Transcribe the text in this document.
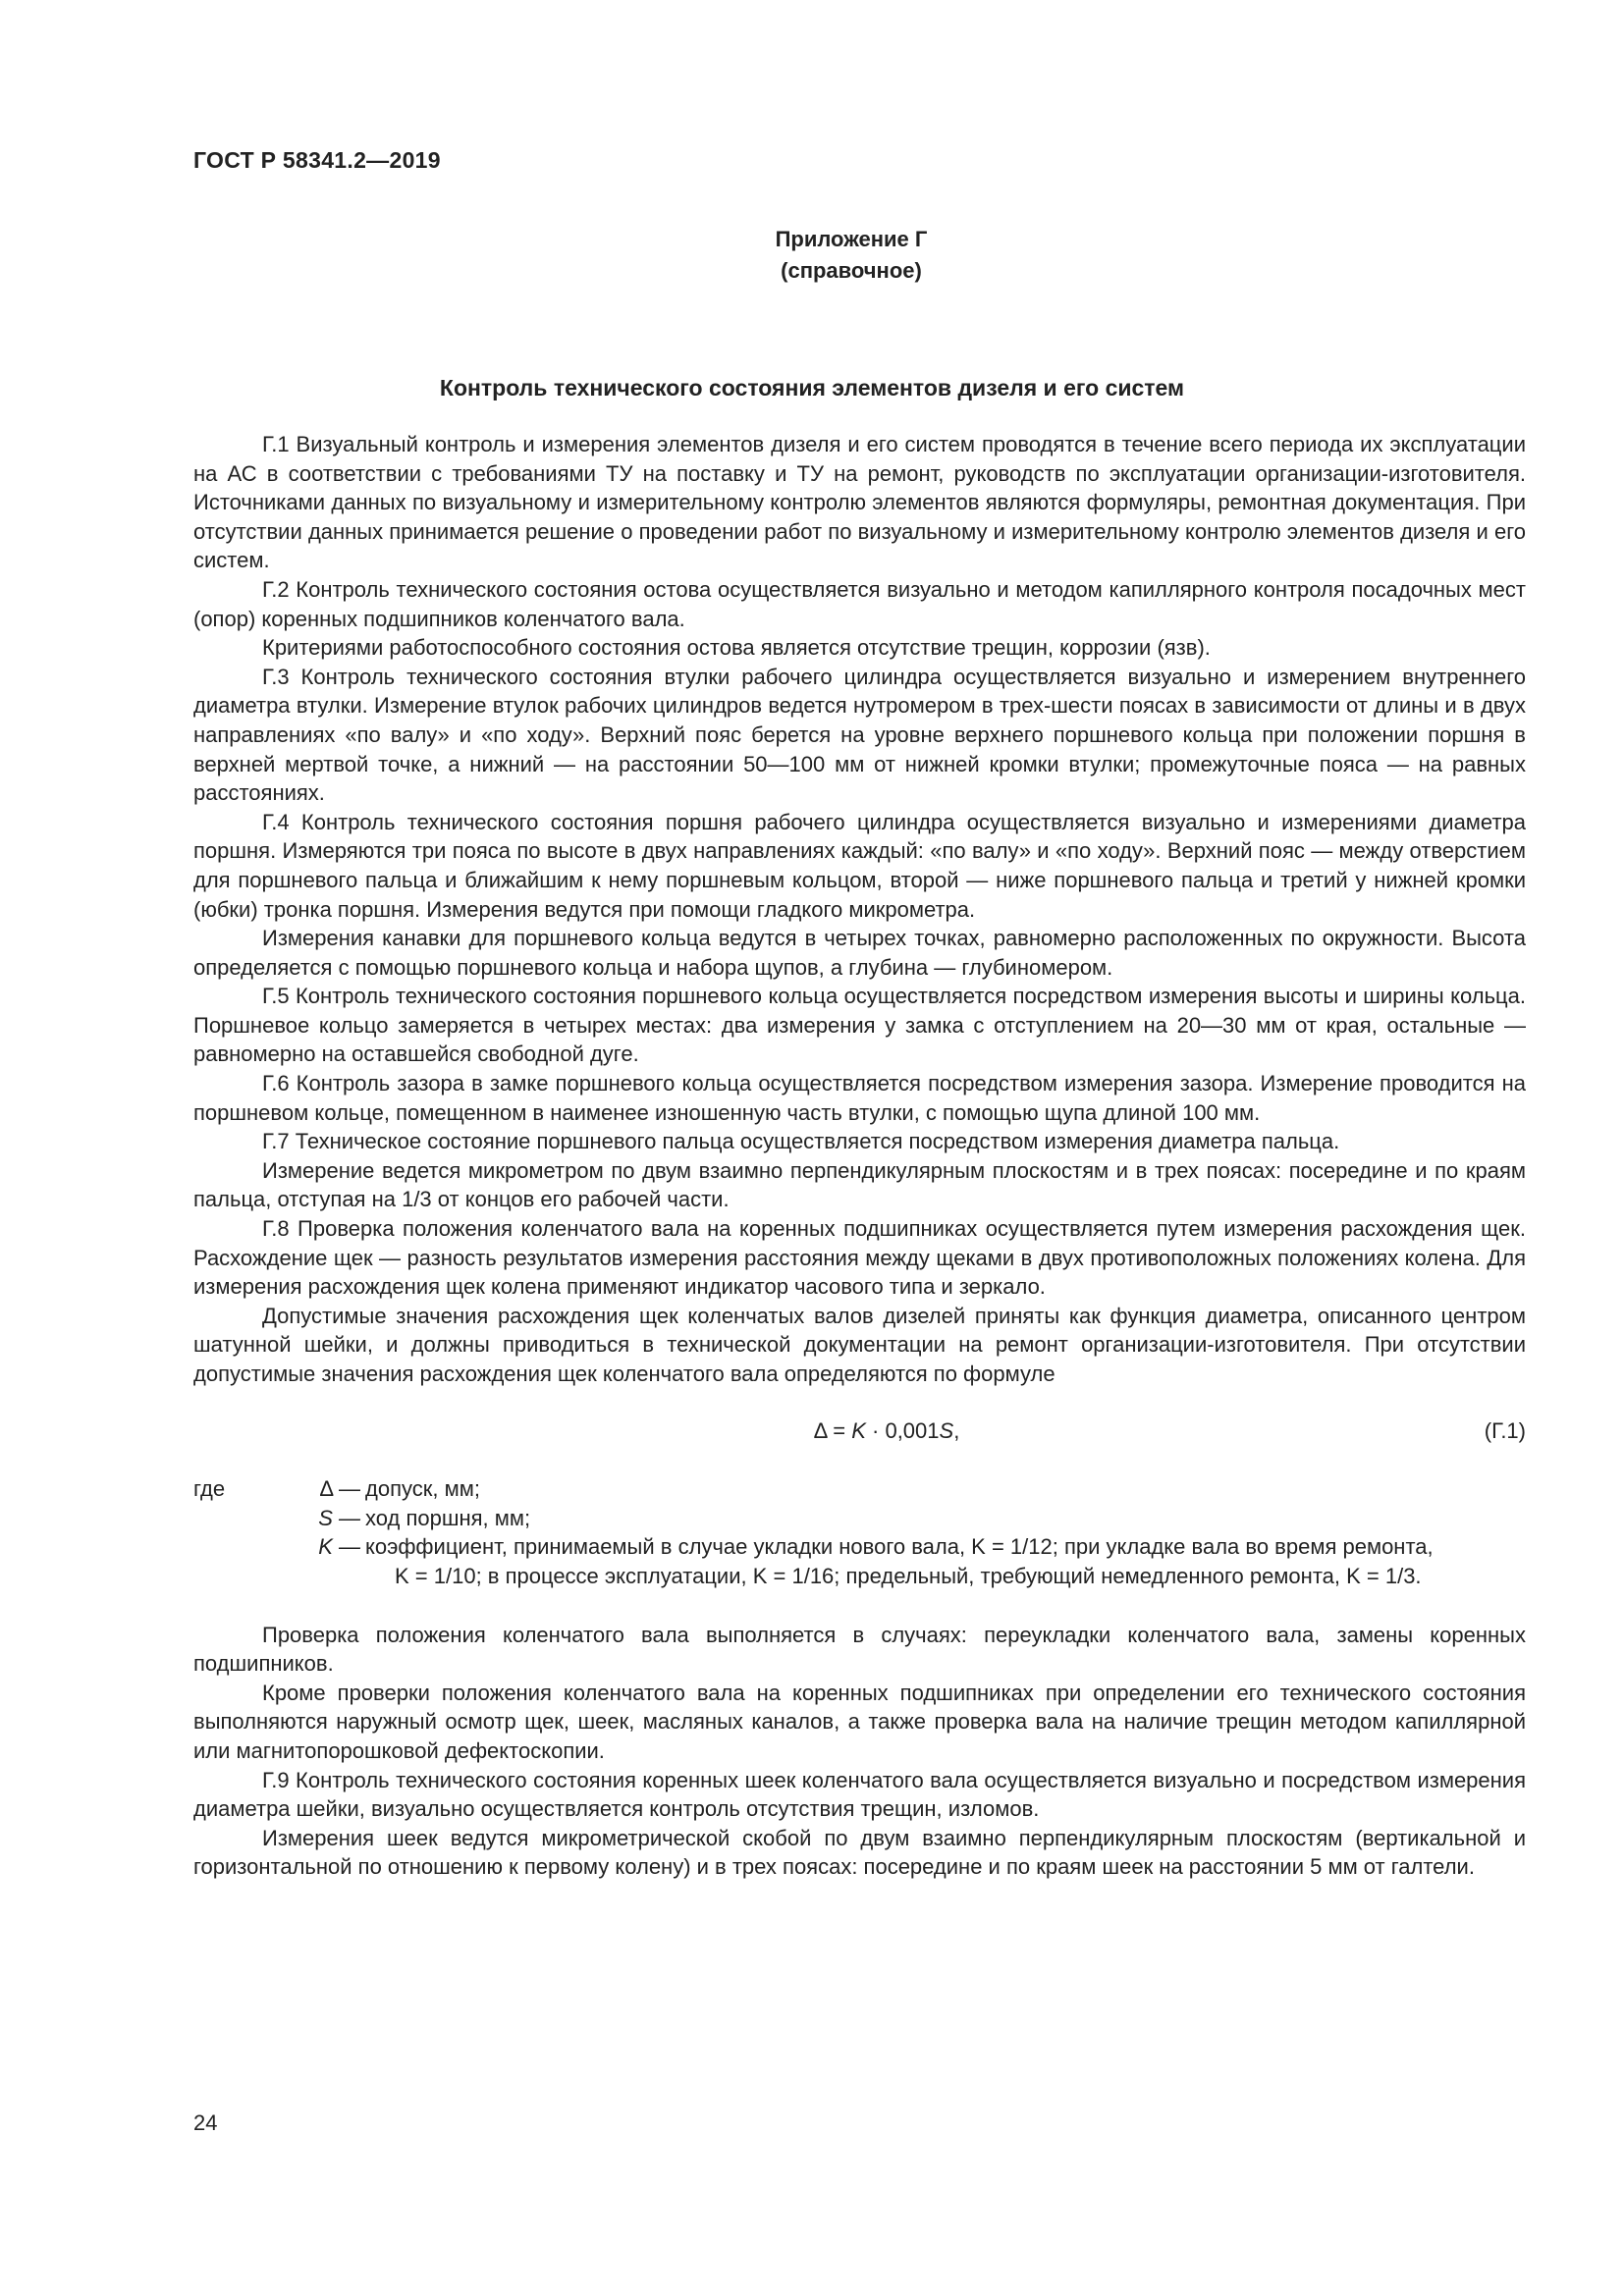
ГОСТ Р 58341.2—2019
Приложение Г
(справочное)
Контроль технического состояния элементов дизеля и его систем

Г.1 Визуальный контроль и измерения элементов дизеля и его систем проводятся в течение всего периода их эксплуатации на АС в соответствии с требованиями ТУ на поставку и ТУ на ремонт, руководств по эксплуатации организации-изготовителя. Источниками данных по визуальному и измерительному контролю элементов являются формуляры, ремонтная документация. При отсутствии данных принимается решение о проведении работ по визуальному и измерительному контролю элементов дизеля и его систем.

Г.2 Контроль технического состояния остова осуществляется визуально и методом капиллярного контроля посадочных мест (опор) коренных подшипников коленчатого вала.

Критериями работоспособного состояния остова является отсутствие трещин, коррозии (язв).

Г.3 Контроль технического состояния втулки рабочего цилиндра осуществляется визуально и измерением внутреннего диаметра втулки. Измерение втулок рабочих цилиндров ведется нутромером в трех-шести поясах в зависимости от длины и в двух направлениях «по валу» и «по ходу». Верхний пояс берется на уровне верхнего поршневого кольца при положении поршня в верхней мертвой точке, а нижний — на расстоянии 50—100 мм от нижней кромки втулки; промежуточные пояса — на равных расстояниях.

Г.4 Контроль технического состояния поршня рабочего цилиндра осуществляется визуально и измерениями диаметра поршня. Измеряются три пояса по высоте в двух направлениях каждый: «по валу» и «по ходу». Верхний пояс — между отверстием для поршневого пальца и ближайшим к нему поршневым кольцом, второй — ниже поршневого пальца и третий у нижней кромки (юбки) тронка поршня. Измерения ведутся при помощи гладкого микрометра.

Измерения канавки для поршневого кольца ведутся в четырех точках, равномерно расположенных по окружности. Высота определяется с помощью поршневого кольца и набора щупов, а глубина — глубиномером.

Г.5 Контроль технического состояния поршневого кольца осуществляется посредством измерения высоты и ширины кольца. Поршневое кольцо замеряется в четырех местах: два измерения у замка с отступлением на 20—30 мм от края, остальные — равномерно на оставшейся свободной дуге.

Г.6 Контроль зазора в замке поршневого кольца осуществляется посредством измерения зазора. Измерение проводится на поршневом кольце, помещенном в наименее изношенную часть втулки, с помощью щупа длиной 100 мм.

Г.7 Техническое состояние поршневого пальца осуществляется посредством измерения диаметра пальца.

Измерение ведется микрометром по двум взаимно перпендикулярным плоскостям и в трех поясах: посередине и по краям пальца, отступая на 1/3 от концов его рабочей части.

Г.8 Проверка положения коленчатого вала на коренных подшипниках осуществляется путем измерения расхождения щек. Расхождение щек — разность результатов измерения расстояния между щеками в двух противоположных положениях колена. Для измерения расхождения щек колена применяют индикатор часового типа и зеркало.

Допустимые значения расхождения щек коленчатых валов дизелей приняты как функция диаметра, описанного центром шатунной шейки, и должны приводиться в технической документации на ремонт организации-изготовителя. При отсутствии допустимые значения расхождения щек коленчатого вала определяются по формуле

Δ = K · 0,001S,	(Г.1)
где	Δ — допуск, мм;
S — ход поршня, мм;
K — коэффициент, принимаемый в случае укладки нового вала, K = 1/12; при укладке вала во время ремонта,
K = 1/10; в процессе эксплуатации, K = 1/16; предельный, требующий немедленного ремонта, K = 1/3.

Проверка положения коленчатого вала выполняется в случаях: переукладки коленчатого вала, замены коренных подшипников.

Кроме проверки положения коленчатого вала на коренных подшипниках при определении его технического состояния выполняются наружный осмотр щек, шеек, масляных каналов, а также проверка вала на наличие трещин методом капиллярной или магнитопорошковой дефектоскопии.

Г.9 Контроль технического состояния коренных шеек коленчатого вала осуществляется визуально и посредством измерения диаметра шейки, визуально осуществляется контроль отсутствия трещин, изломов.

Измерения шеек ведутся микрометрической скобой по двум взаимно перпендикулярным плоскостям (вертикальной и горизонтальной по отношению к первому колену) и в трех поясах: посередине и по краям шеек на расстоянии 5 мм от галтели.

24
